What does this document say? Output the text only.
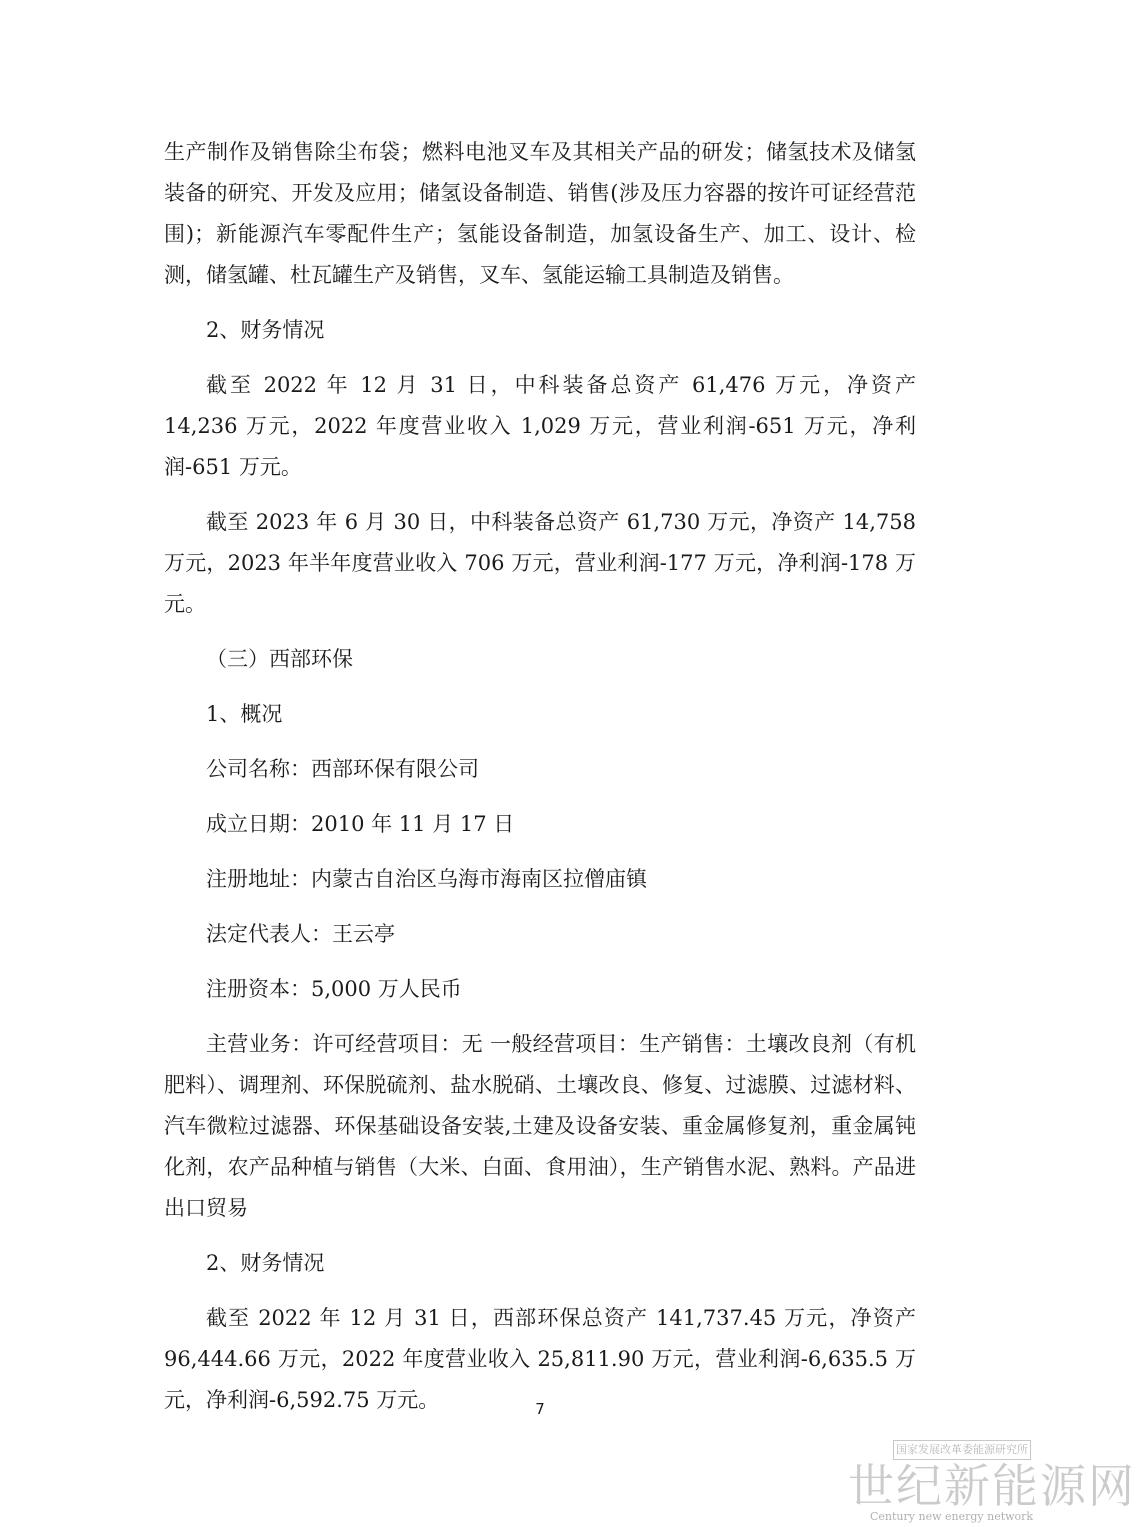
生产制作及销售除尘布袋；燃料电池叉车及其相关产品的研发；储氢技术及储氢装备的研究、开发及应用；储氢设备制造、销售(涉及压力容器的按许可证经营范围)；新能源汽车零配件生产；氢能设备制造，加氢设备生产、加工、设计、检测，储氢罐、杜瓦罐生产及销售，叉车、氢能运输工具制造及销售。

2、财务情况

截至 2022 年 12 月 31 日，中科装备总资产 61,476 万元，净资产 14,236 万元，2022 年度营业收入 1,029 万元，营业利润-651 万元，净利润-651 万元。

截至 2023 年 6 月 30 日，中科装备总资产 61,730 万元，净资产 14,758 万元，2023 年半年度营业收入 706 万元，营业利润-177 万元，净利润-178 万元。

（三）西部环保

1、概况

公司名称：西部环保有限公司

成立日期：2010 年 11 月 17 日

注册地址：内蒙古自治区乌海市海南区拉僧庙镇

法定代表人：王云亭

注册资本：5,000 万人民币

主营业务：许可经营项目：无 一般经营项目：生产销售：土壤改良剂（有机肥料）、调理剂、环保脱硫剂、盐水脱硝、土壤改良、修复、过滤膜、过滤材料、汽车微粒过滤器、环保基础设备安装,土建及设备安装、重金属修复剂，重金属钝化剂，农产品种植与销售（大米、白面、食用油），生产销售水泥、熟料。产品进出口贸易

2、财务情况

截至 2022 年 12 月 31 日，西部环保总资产 141,737.45 万元，净资产 96,444.66 万元，2022 年度营业收入 25,811.90 万元，营业利润-6,635.5 万元，净利润-6,592.75 万元。	7
国家发展改革委能源研究所
世纪新能源网
Century new energy network
